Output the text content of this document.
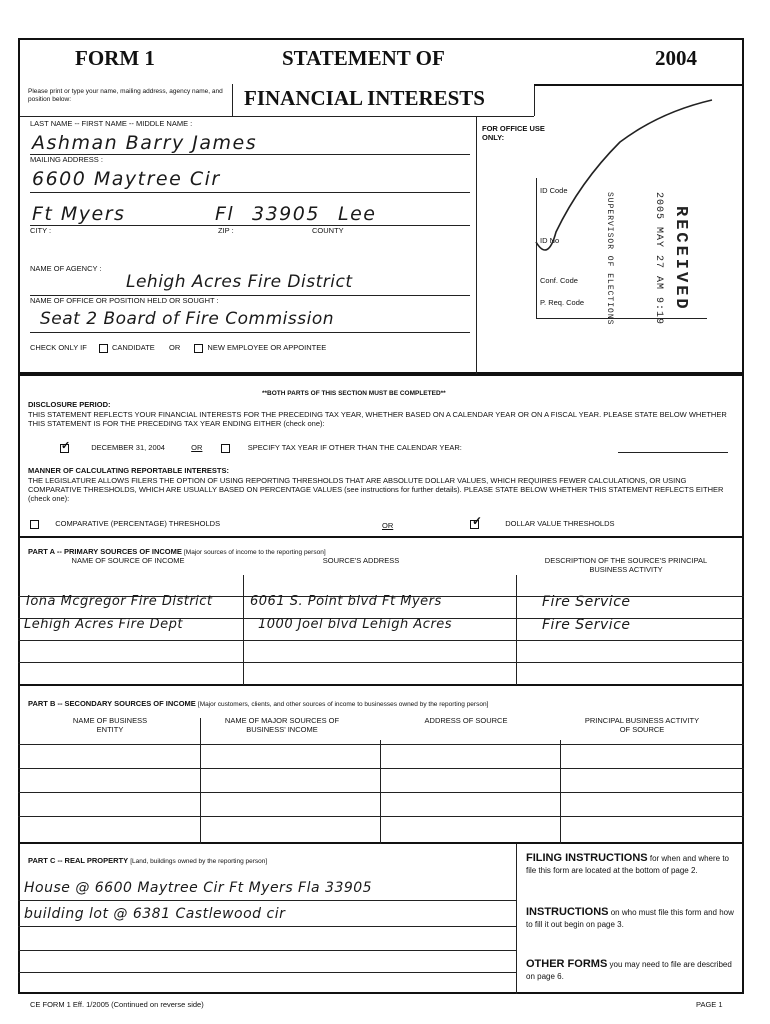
FORM 1	STATEMENT OF	2004
FINANCIAL INTERESTS
Please print or type your name, mailing address, agency name, and position below:
LAST NAME -- FIRST NAME -- MIDDLE NAME :
Ashman Barry James
MAILING ADDRESS :
6600 Maytree Cir
Ft Myers	Fl 33905 Lee
CITY :	ZIP :	COUNTY
NAME OF AGENCY :
Lehigh Acres Fire District
NAME OF OFFICE OR POSITION HELD OR SOUGHT :
Seat 2 Board of Fire Commission
CHECK ONLY IF	CANDIDATE OR	NEW EMPLOYEE OR APPOINTEE
FOR OFFICE USE ONLY:
ID Code
ID No
Conf. Code
P. Req. Code	RECEIVED
2005 MAY 27 AM 9:19
SUPERVISOR OF ELECTIONS
**BOTH PARTS OF THIS SECTION MUST BE COMPLETED**
DISCLOSURE PERIOD:
THIS STATEMENT REFLECTS YOUR FINANCIAL INTERESTS FOR THE PRECEDING TAX YEAR, WHETHER BASED ON A CALENDAR YEAR OR ON A FISCAL YEAR. PLEASE STATE BELOW WHETHER THIS STATEMENT IS FOR THE PRECEDING TAX YEAR ENDING EITHER (check one):
✓	DECEMBER 31, 2004	OR	SPECIFY TAX YEAR IF OTHER THAN THE CALENDAR YEAR:
MANNER OF CALCULATING REPORTABLE INTERESTS:
THE LEGISLATURE ALLOWS FILERS THE OPTION OF USING REPORTING THRESHOLDS THAT ARE ABSOLUTE DOLLAR VALUES, WHICH REQUIRES FEWER CALCULATIONS, OR USING COMPARATIVE THRESHOLDS, WHICH ARE USUALLY BASED ON PERCENTAGE VALUES (see instructions for further details). PLEASE STATE BELOW WHETHER THIS STATEMENT REFLECTS EITHER (check one):
COMPARATIVE (PERCENTAGE) THRESHOLDS	OR	✓	DOLLAR VALUE THRESHOLDS
PART A -- PRIMARY SOURCES OF INCOME [Major sources of income to the reporting person]
NAME OF SOURCE OF INCOME	SOURCE'S ADDRESS	DESCRIPTION OF THE SOURCE'S PRINCIPAL BUSINESS ACTIVITY
Iona Mcgregor Fire District	6061 S. Point blvd Ft Myers	Fire Service
Lehigh Acres Fire Dept	1000 Joel blvd Lehigh Acres	Fire Service
PART B -- SECONDARY SOURCES OF INCOME [Major customers, clients, and other sources of income to businesses owned by the reporting person]
NAME OF BUSINESS ENTITY
NAME OF MAJOR SOURCES OF BUSINESS' INCOME
ADDRESS OF SOURCE	PRINCIPAL BUSINESS ACTIVITY OF SOURCE
PART C -- REAL PROPERTY [Land, buildings owned by the reporting person]
House @ 6600 Maytree Cir Ft Myers Fla 33905
building lot @ 6381 Castlewood cir
FILING INSTRUCTIONS for when and where to file this form are located at the bottom of page 2.
INSTRUCTIONS on who must file this form and how to fill it out begin on page 3.
OTHER FORMS you may need to file are described on page 6.
CE FORM 1 Eff. 1/2005 (Continued on reverse side)	PAGE 1
